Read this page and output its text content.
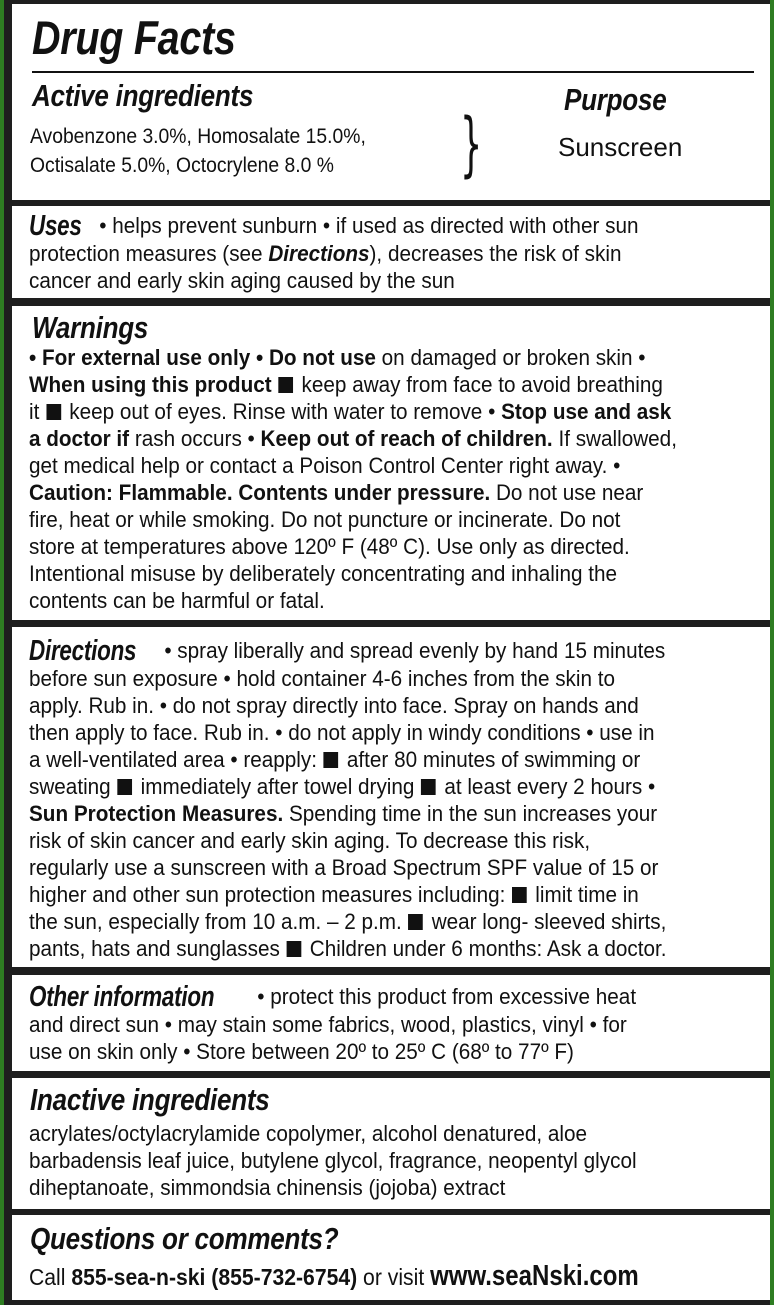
Drug Facts
Active ingredients
Avobenzone 3.0%, Homosalate 15.0%,
Octisalate 5.0%, Octocrylene 8.0 %	}
Purpose
Sunscreen
Uses • helps prevent sunburn • if used as directed with other sun
protection measures (see Directions), decreases the risk of skin
cancer and early skin aging caused by the sun
Warnings
• For external use only • Do not use on damaged or broken skin •
When using this product  keep away from face to avoid breathing
it  keep out of eyes. Rinse with water to remove • Stop use and ask
a doctor if rash occurs • Keep out of reach of children. If swallowed,
get medical help or contact a Poison Control Center right away. •
Caution: Flammable. Contents under pressure. Do not use near
fire, heat or while smoking. Do not puncture or incinerate. Do not
store at temperatures above 120º F (48º C). Use only as directed.
Intentional misuse by deliberately concentrating and inhaling the
contents can be harmful or fatal.
Directions • spray liberally and spread evenly by hand 15 minutes
before sun exposure • hold container 4-6 inches from the skin to
apply. Rub in. • do not spray directly into face. Spray on hands and
then apply to face. Rub in. • do not apply in windy conditions • use in
a well-ventilated area • reapply:  after 80 minutes of swimming or
sweating  immediately after towel drying  at least every 2 hours •
Sun Protection Measures. Spending time in the sun increases your
risk of skin cancer and early skin aging. To decrease this risk,
regularly use a sunscreen with a Broad Spectrum SPF value of 15 or
higher and other sun protection measures including:  limit time in
the sun, especially from 10 a.m. – 2 p.m.  wear long- sleeved shirts,
pants, hats and sunglasses  Children under 6 months: Ask a doctor.
Other information • protect this product from excessive heat
and direct sun • may stain some fabrics, wood, plastics, vinyl • for
use on skin only • Store between 20º to 25º C (68º to 77º F)
Inactive ingredients
acrylates/octylacrylamide copolymer, alcohol denatured, aloe
barbadensis leaf juice, butylene glycol, fragrance, neopentyl glycol
diheptanoate, simmondsia chinensis (jojoba) extract
Questions or comments?
Call 855-sea-n-ski (855-732-6754) or visit www.seaNski.com
